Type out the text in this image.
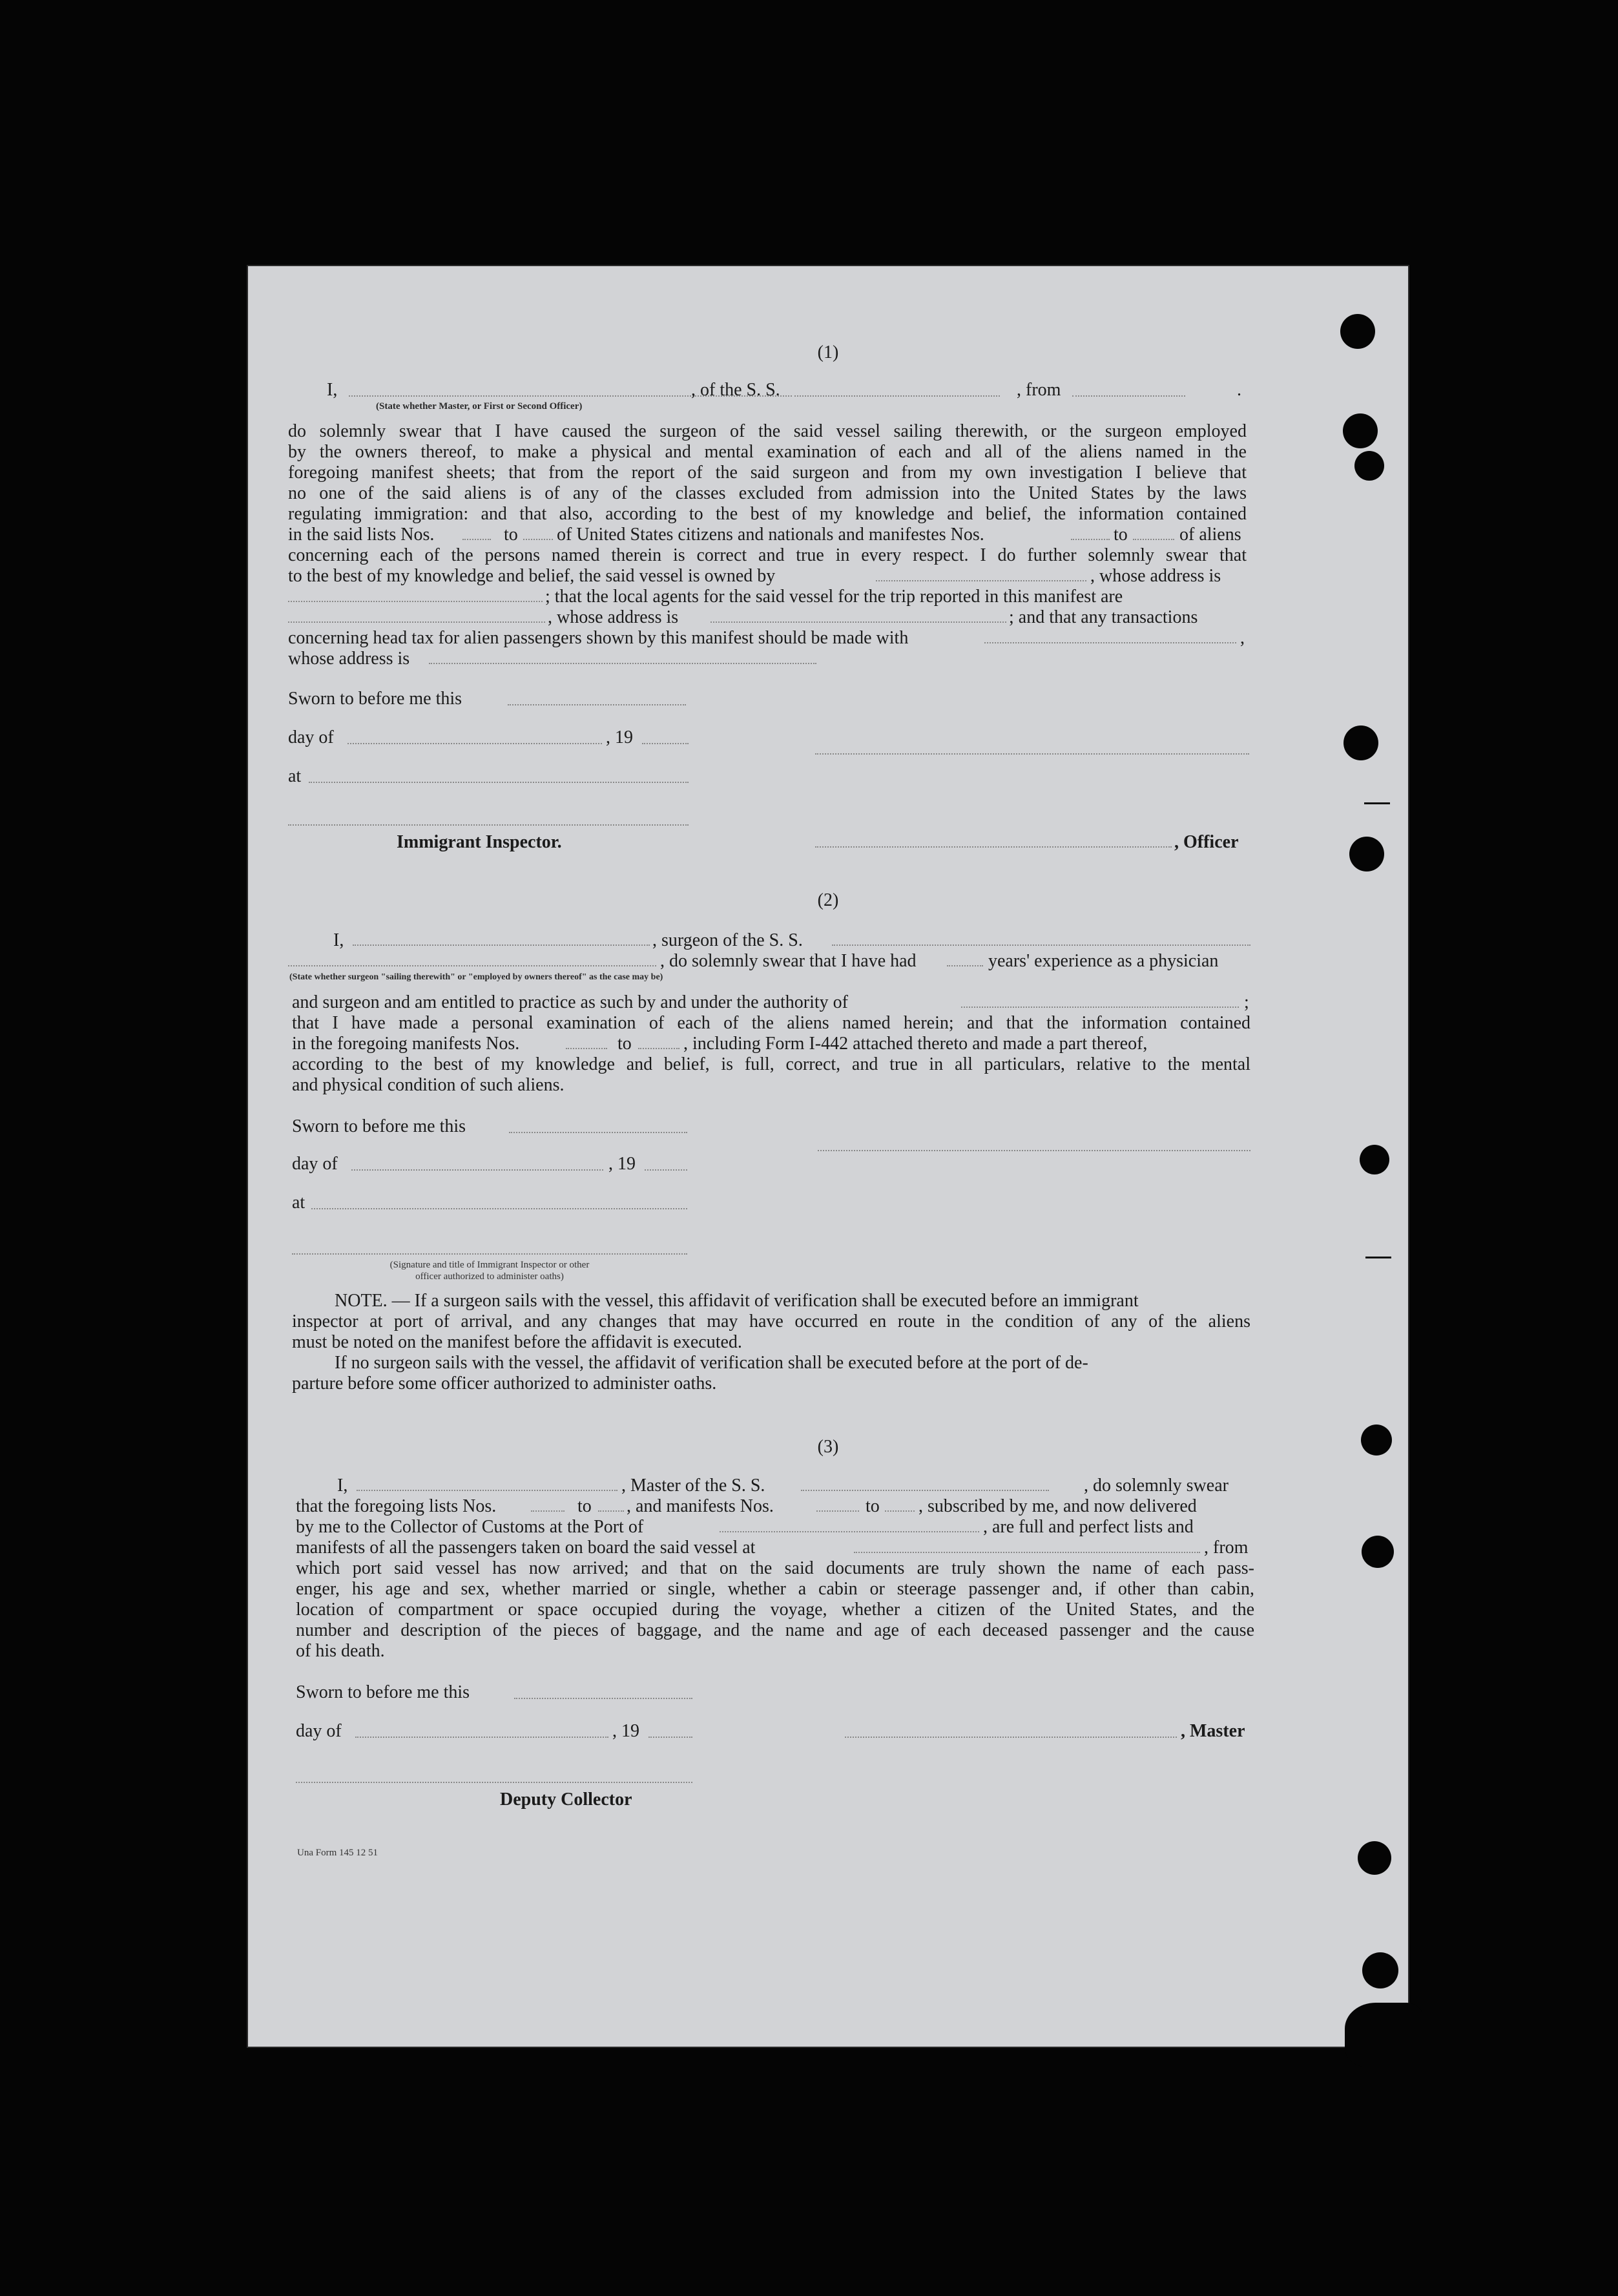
(1)
I,	, of the S. S.	, from	.
(State whether Master, or First or Second Officer)
do solemnly swear that I have caused the surgeon of the said vessel sailing therewith, or the surgeon employed
by the owners thereof, to make a physical and mental examination of each and all of the aliens named in the
foregoing manifest sheets; that from the report of the said surgeon and from my own investigation I believe that
no one of the said aliens is of any of the classes excluded from admission into the United States by the laws
regulating immigration: and that also, according to the best of my knowledge and belief, the information contained
in the said lists Nos.	to of United States citizens and nationals and manifestes Nos.	to	of aliens
concerning each of the persons named therein is correct and true in every respect. I do further solemnly swear that
to the best of my knowledge and belief, the said vessel is owned by	, whose address is
; that the local agents for the said vessel for the trip reported in this manifest are
, whose address is	; and that any transactions
concerning head tax for alien passengers shown by this manifest should be made with	,
whose address is
Sworn to before me this
day of	, 19
at
Immigrant Inspector.	, Officer
(2)
I,	, surgeon of the S. S.
, do solemnly swear that I have had	years' experience as a physician
(State whether surgeon "sailing therewith" or "employed by owners thereof" as the case may be)
and surgeon and am entitled to practice as such by and under the authority of	;
that I have made a personal examination of each of the aliens named herein; and that the information contained
in the foregoing manifests Nos.	to	, including Form I-442 attached thereto and made a part thereof,
according to the best of my knowledge and belief, is full, correct, and true in all particulars, relative to the mental
and physical condition of such aliens.
Sworn to before me this
day of	, 19
at
(Signature and title of Immigrant Inspector or other
officer authorized to administer oaths)
NOTE. — If a surgeon sails with the vessel, this affidavit of verification shall be executed before an immigrant
inspector at port of arrival, and any changes that may have occurred en route in the condition of any of the aliens
must be noted on the manifest before the affidavit is executed.
If no surgeon sails with the vessel, the affidavit of verification shall be executed before at the port of de-
parture before some officer authorized to administer oaths.
(3)
I,	, Master of the S. S.	, do solemnly swear
that the foregoing lists Nos.	to , and manifests Nos.	to , subscribed by me, and now delivered
by me to the Collector of Customs at the Port of	, are full and perfect lists and
manifests of all the passengers taken on board the said vessel at	, from
which port said vessel has now arrived; and that on the said documents are truly shown the name of each pass-
enger, his age and sex, whether married or single, whether a cabin or steerage passenger and, if other than cabin,
location of compartment or space occupied during the voyage, whether a citizen of the United States, and the
number and description of the pieces of baggage, and the name and age of each deceased passenger and the cause
of his death.
Sworn to before me this
day of	, 19	, Master
Deputy Collector
Una Form 145 12 51
